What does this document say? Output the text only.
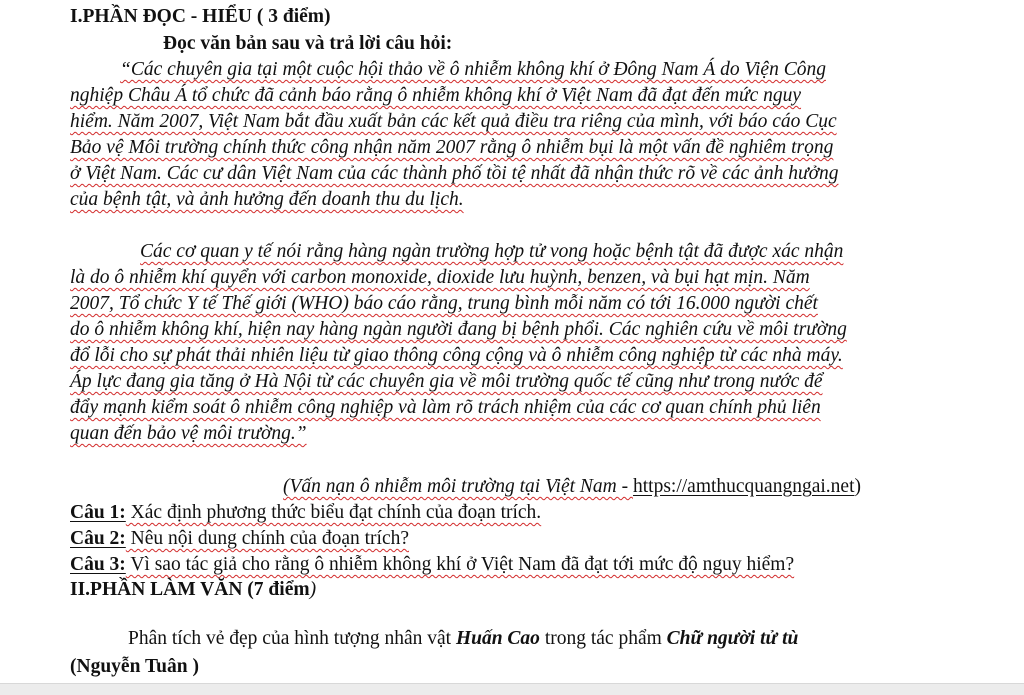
I.PHẦN ĐỌC - HIỂU ( 3 điểm)
Đọc văn bản sau và trả lời câu hỏi:
“Các chuyên gia tại một cuộc hội thảo về ô nhiễm không khí ở Đông Nam Á do Viện Công
nghiệp Châu Á tổ chức đã cảnh báo rằng ô nhiễm không khí ở Việt Nam đã đạt đến mức nguy
hiểm. Năm 2007, Việt Nam bắt đầu xuất bản các kết quả điều tra riêng của mình, với báo cáo Cục
Bảo vệ Môi trường chính thức công nhận năm 2007 rằng ô nhiễm bụi là một vấn đề nghiêm trọng
ở Việt Nam. Các cư dân Việt Nam của các thành phố tồi tệ nhất đã nhận thức rõ về các ảnh hưởng
của bệnh tật, và ảnh hưởng đến doanh thu du lịch.
Các cơ quan y tế nói rằng hàng ngàn trường hợp tử vong hoặc bệnh tật đã được xác nhận
là do ô nhiễm khí quyển với carbon monoxide, dioxide lưu huỳnh, benzen, và bụi hạt mịn. Năm
2007, Tổ chức Y tế Thế giới (WHO) báo cáo rằng, trung bình mỗi năm có tới 16.000 người chết
do ô nhiễm không khí, hiện nay hàng ngàn người đang bị bệnh phổi. Các nghiên cứu về môi trường
đổ lỗi cho sự phát thải nhiên liệu từ giao thông công cộng và ô nhiễm công nghiệp từ các nhà máy.
Áp lực đang gia tăng ở Hà Nội từ các chuyên gia về môi trường quốc tế cũng như trong nước để
đẩy mạnh kiểm soát ô nhiễm công nghiệp và làm rõ trách nhiệm của các cơ quan chính phủ liên
quan đến bảo vệ môi trường.”
(Vấn nạn ô nhiễm môi trường tại Việt Nam - https://amthucquangngai.net)
Câu 1: Xác định phương thức biểu đạt chính của đoạn trích.
Câu 2: Nêu nội dung chính của đoạn trích?
Câu 3: Vì sao tác giả cho rằng ô nhiễm không khí ở Việt Nam đã đạt tới mức độ nguy hiểm?
II.PHẦN LÀM VĂN (7 điểm)
Phân tích vẻ đẹp của hình tượng nhân vật Huấn Cao trong tác phẩm Chữ người tử tù
(Nguyễn Tuân )
